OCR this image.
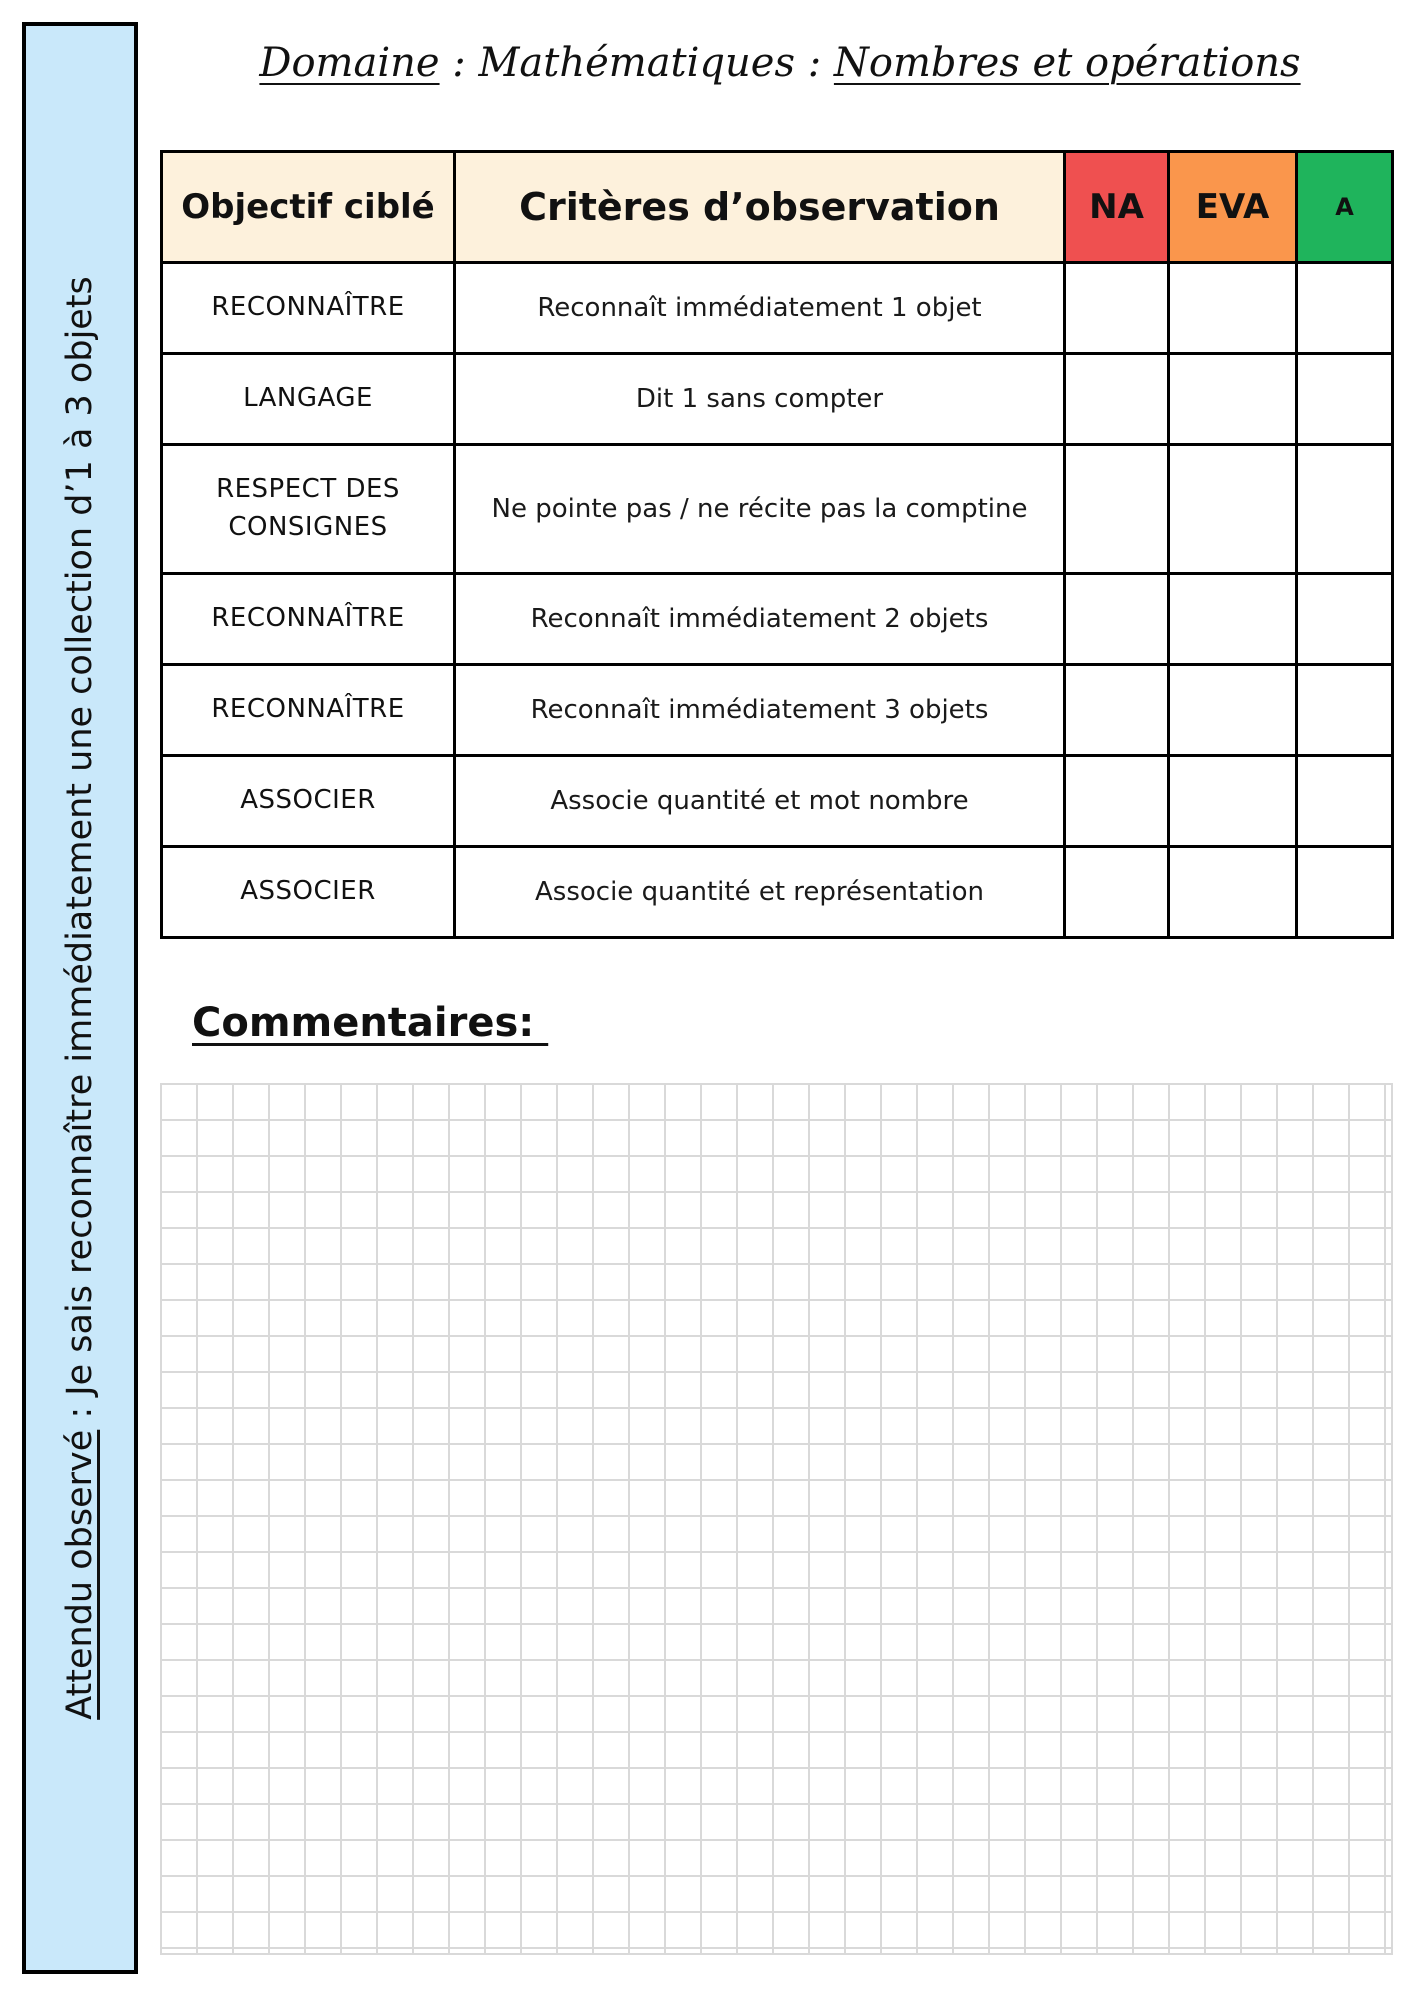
Attendu observé : Je sais reconnaître immédiatement une collection d’1 à 3 objets
Domaine : Mathématiques : Nombres et opérations
Objectif ciblé	Critères d’observation	NA	EVA	A
RECONNAÎTRE	Reconnaît immédiatement 1 objet			
LANGAGE	Dit 1 sans compter			
RESPECT DES CONSIGNES	Ne pointe pas / ne récite pas la comptine			
RECONNAÎTRE	Reconnaît immédiatement 2 objets			
RECONNAÎTRE	Reconnaît immédiatement 3 objets			
ASSOCIER	Associe quantité et mot nombre			
ASSOCIER	Associe quantité et représentation			
Commentaires:
